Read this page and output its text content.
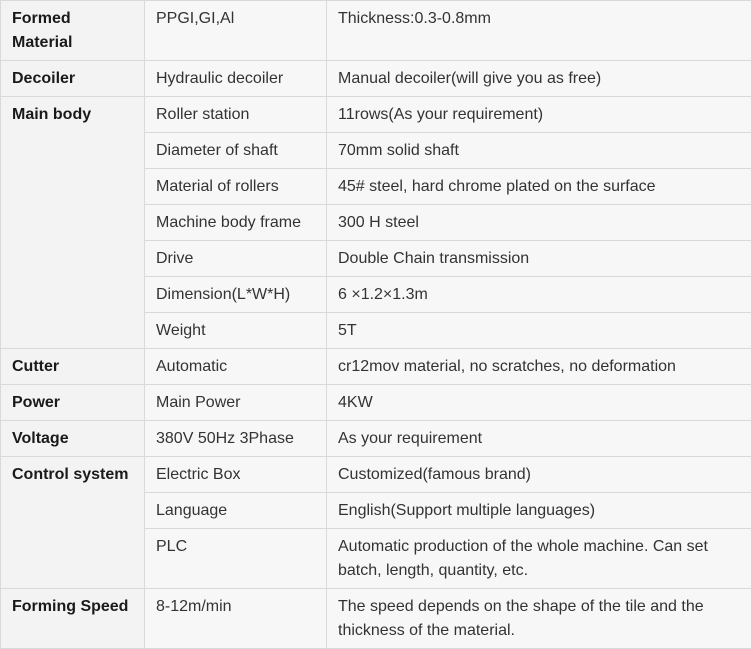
Formed Material	PPGI,GI,Al	Thickness:0.3-0.8mm
Decoiler	Hydraulic decoiler	Manual decoiler(will give you as free)
Main body	Roller station	11rows(As your requirement)
	Diameter of shaft	70mm solid shaft
	Material of rollers	45# steel, hard chrome plated on the surface
	Machine body frame	300 H steel
	Drive	Double Chain transmission
	Dimension(L*W*H)	6 ×1.2×1.3m
	Weight	5T
Cutter	Automatic	cr12mov material, no scratches, no deformation
Power	Main Power	4KW
Voltage	380V 50Hz 3Phase	As your requirement
Control system	Electric Box	Customized(famous brand)
	Language	English(Support multiple languages)
	PLC	Automatic production of the whole machine. Can set batch, length, quantity, etc.
Forming Speed	8-12m/min	The speed depends on the shape of the tile and the thickness of the material.
